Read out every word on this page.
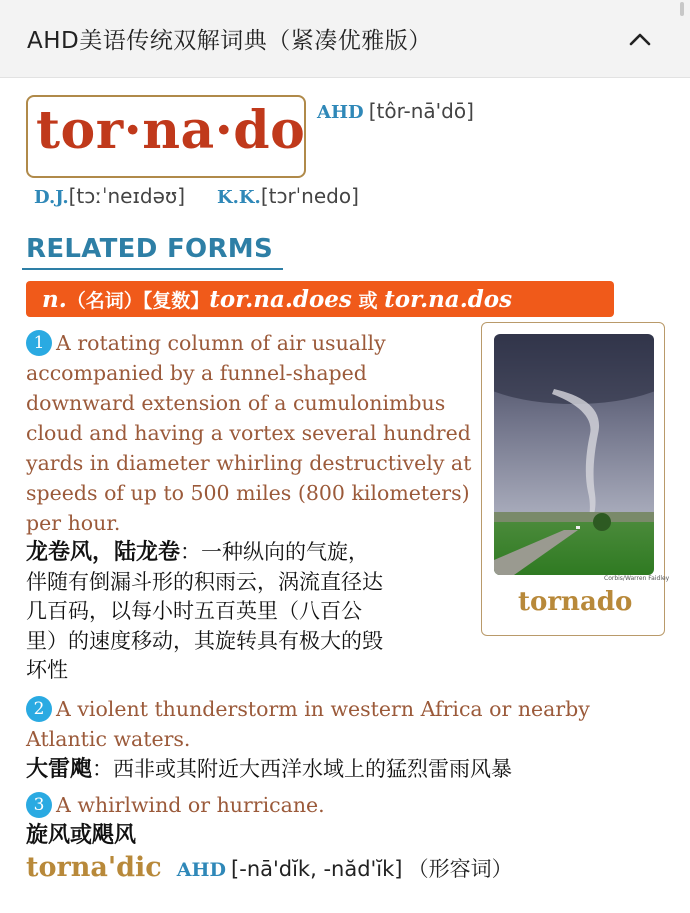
AHD美语传统双解词典（紧凑优雅版）
tor·na·do AHD [tôr-nā'dō]
D.J.[tɔːˈneɪdəʊ] K.K.[tɔrˈnedo]
RELATED FORMS
n. （名词）【复数】 tor.na.does 或 tor.na.dos
1 A rotating column of air usually
accompanied by a funnel-shaped
downward extension of a cumulonimbus
cloud and having a vortex several hundred
yards in diameter whirling destructively at
speeds of up to 500 miles (800 kilometers)
per hour.
龙卷风，陆龙卷：一种纵向的气旋，
伴随有倒漏斗形的积雨云，涡流直径达
几百码，以每小时五百英里（八百公
里）的速度移动，其旋转具有极大的毁
坏性
Corbis/Warren Faidley
tornado
2 A violent thunderstorm in western Africa or nearby
Atlantic waters.
大雷飑：西非或其附近大西洋水域上的猛烈雷雨风暴
3 A whirlwind or hurricane.
旋风或飓风
torna'dic AHD [-nā'dĭk, -năd'ĭk] （形容词）
